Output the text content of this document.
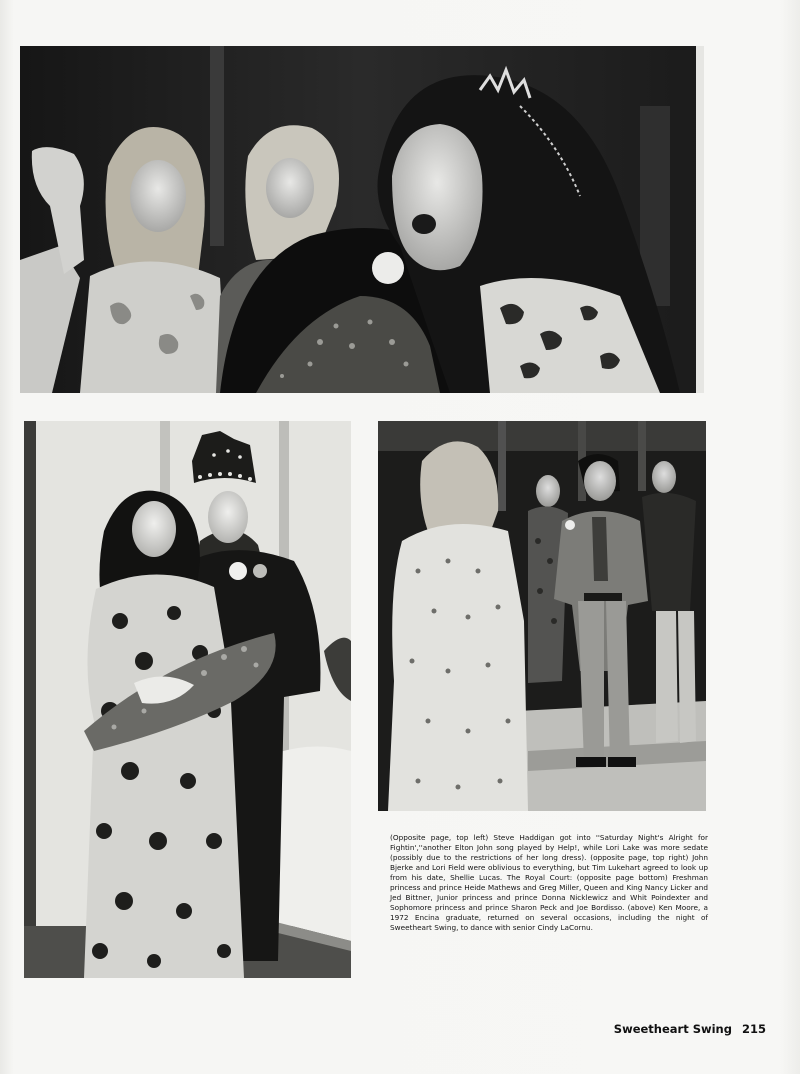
(Opposite page, top left) Steve Haddigan got into ''Saturday Night's Alright for Fightin',''another Elton John song played by Help!, while Lori Lake was more sedate (possibly due to the restrictions of her long dress). (opposite page, top right) John Bjerke and Lori Field were oblivious to everything, but Tim Lukehart agreed to look up from his date, Shellie Lucas. The Royal Court: (opposite page bottom) Freshman princess and prince Heide Mathews and Greg Miller, Queen and King Nancy Licker and Jed Bittner, Junior princess and prince Donna Nicklewicz and Whit Poindexter and Sophomore princess and prince Sharon Peck and Joe Bordisso. (above) Ken Moore, a 1972 Encina graduate, returned on several occasions, including the night of Sweetheart Swing, to dance with senior Cindy LaCornu.

Sweetheart Swing 215
